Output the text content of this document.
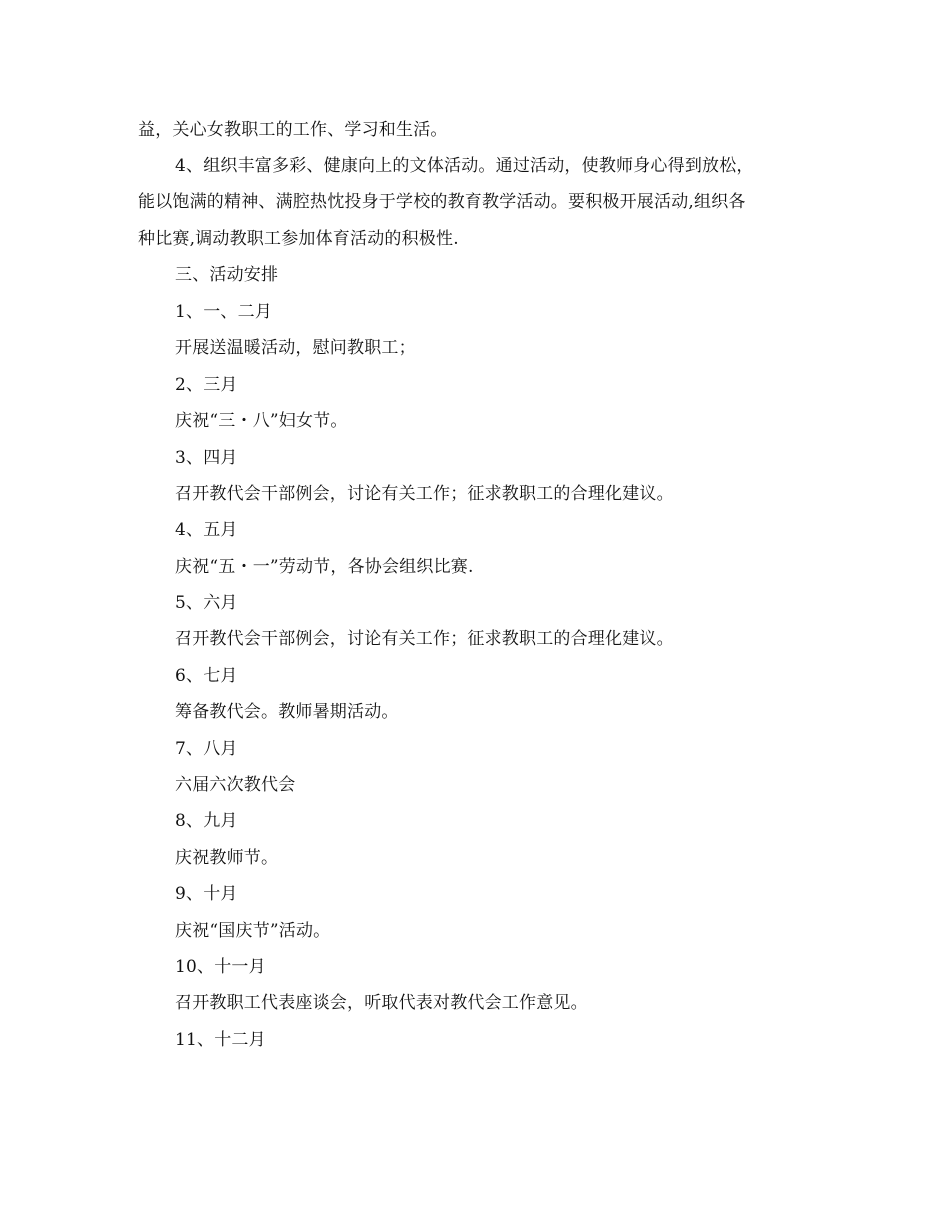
益，关心女教职工的工作、学习和生活。
4、组织丰富多彩、健康向上的文体活动。通过活动，使教师身心得到放松，
能以饱满的精神、满腔热忱投身于学校的教育教学活动。要积极开展活动,组织各
种比赛,调动教职工参加体育活动的积极性.
三、活动安排
1、一、二月
开展送温暖活动，慰问教职工；
2、三月
庆祝“三・八”妇女节。
3、四月
召开教代会干部例会，讨论有关工作；征求教职工的合理化建议。
4、五月
庆祝“五・一”劳动节，各协会组织比赛.
5、六月
召开教代会干部例会，讨论有关工作；征求教职工的合理化建议。
6、七月
筹备教代会。教师暑期活动。
7、八月
六届六次教代会
8、九月
庆祝教师节。
9、十月
庆祝“国庆节”活动。
10、十一月
召开教职工代表座谈会，听取代表对教代会工作意见。
11、十二月
